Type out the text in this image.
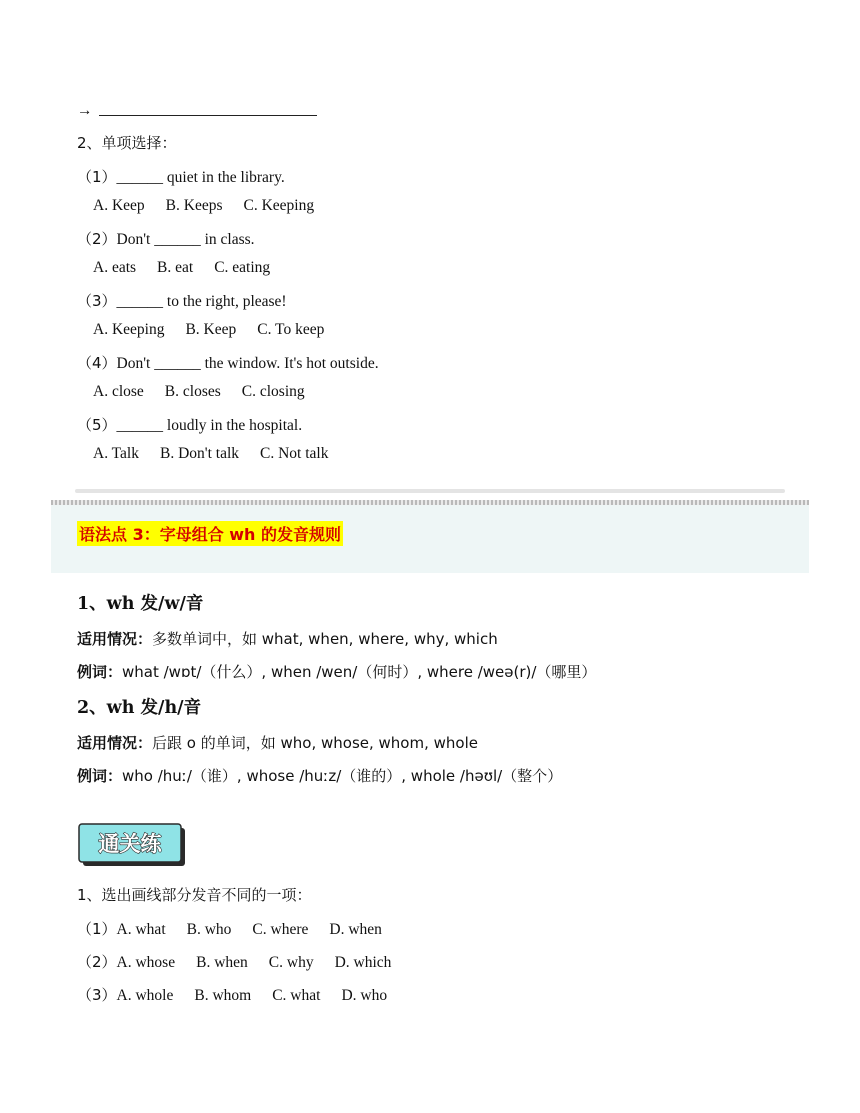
→
2、单项选择：
（1）______ quiet in the library.
A. Keep B. Keeps C. Keeping
（2）Don't ______ in class.
A. eats B. eat C. eating
（3）______ to the right, please!
A. Keeping B. Keep C. To keep
（4）Don't ______ the window. It's hot outside.
A. close B. closes C. closing
（5）______ loudly in the hospital.
A. Talk B. Don't talk C. Not talk
语法点 3：字母组合 wh 的发音规则
1、wh 发/w/音
适用情况：多数单词中，如 what, when, where, why, which
例词：what /wɒt/（什么）, when /wen/（何时）, where /weə(r)/（哪里）
2、wh 发/h/音
适用情况：后跟 o 的单词，如 who, whose, whom, whole
例词：who /huː/（谁）, whose /huːz/（谁的）, whole /həʊl/（整个）
通关练
1、选出画线部分发音不同的一项：
（1）A. what B. who C. where D. when
（2）A. whose B. when C. why D. which
（3）A. whole B. whom C. what D. who
